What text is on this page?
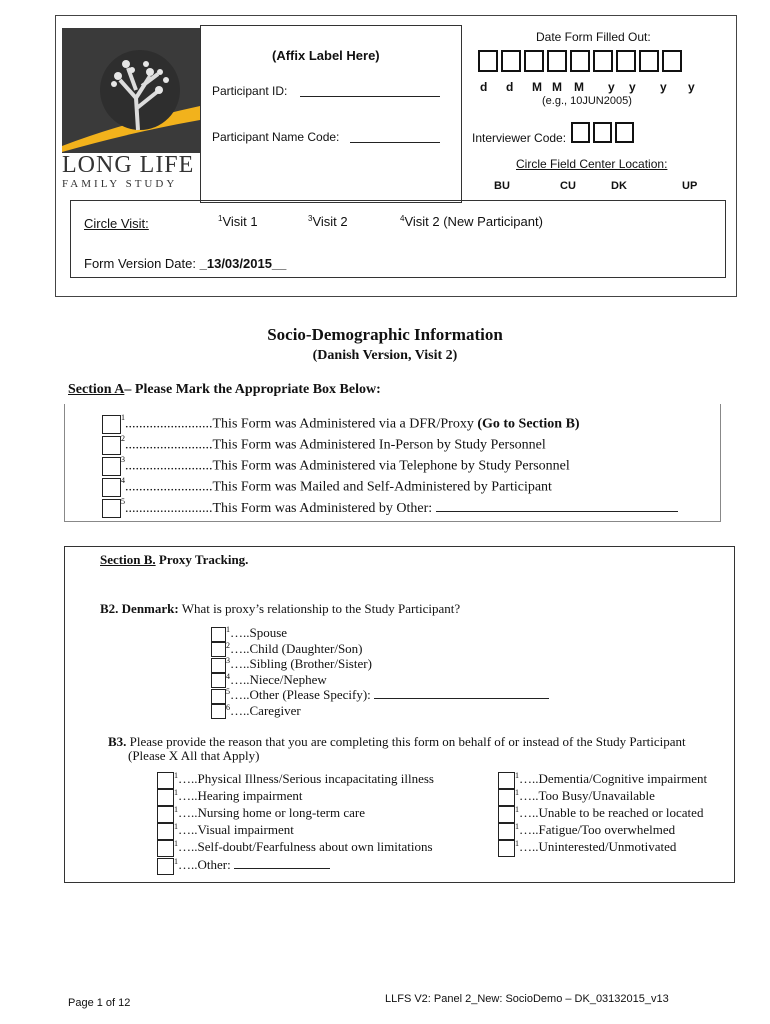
LONG LIFE
FAMILY STUDY
(Affix Label Here)
Participant ID:
Participant Name Code:
Date Form Filled Out:
d d M M M y y y y
(e.g., 10JUN2005)
Interviewer Code:
Circle Field Center Location:
BU	CU	DK	UP
Circle Visit:	$^1$Visit 1	$^3$Visit 2	$^4$Visit 2 (New Participant)
Form Version Date: _13/03/2015__
Socio-Demographic Information
(Danish Version, Visit 2)
Section A– Please Mark the Appropriate Box Below:
$^1$.........................This Form was Administered via a DFR/Proxy (Go to Section B)
$^2$.........................This Form was Administered In-Person by Study Personnel
$^3$.........................This Form was Administered via Telephone by Study Personnel
$^4$.........................This Form was Mailed and Self-Administered by Participant
$^5$.........................This Form was Administered by Other:
Section B. Proxy Tracking.
B2. Denmark: What is proxy’s relationship to the Study Participant?
$^1$…..Spouse
$^2$…..Child (Daughter/Son)
$^3$…..Sibling (Brother/Sister)
$^4$…..Niece/Nephew
$^5$…..Other (Please Specify):
$^6$…..Caregiver
B3. Please provide the reason that you are completing this form on behalf of or instead of the Study Participant
(Please X All that Apply)
$^1$…..Physical Illness/Serious incapacitating illness
$^1$…..Hearing impairment
$^1$…..Nursing home or long-term care
$^1$…..Visual impairment
$^1$…..Self-doubt/Fearfulness about own limitations
$^1$…..Other:
$^1$…..Dementia/Cognitive impairment
$^1$…..Too Busy/Unavailable
$^1$…..Unable to be reached or located
$^1$…..Fatigue/Too overwhelmed
$^1$…..Uninterested/Unmotivated
Page 1 of 12	LLFS V2: Panel 2_New: SocioDemo – DK_03132015_v13
